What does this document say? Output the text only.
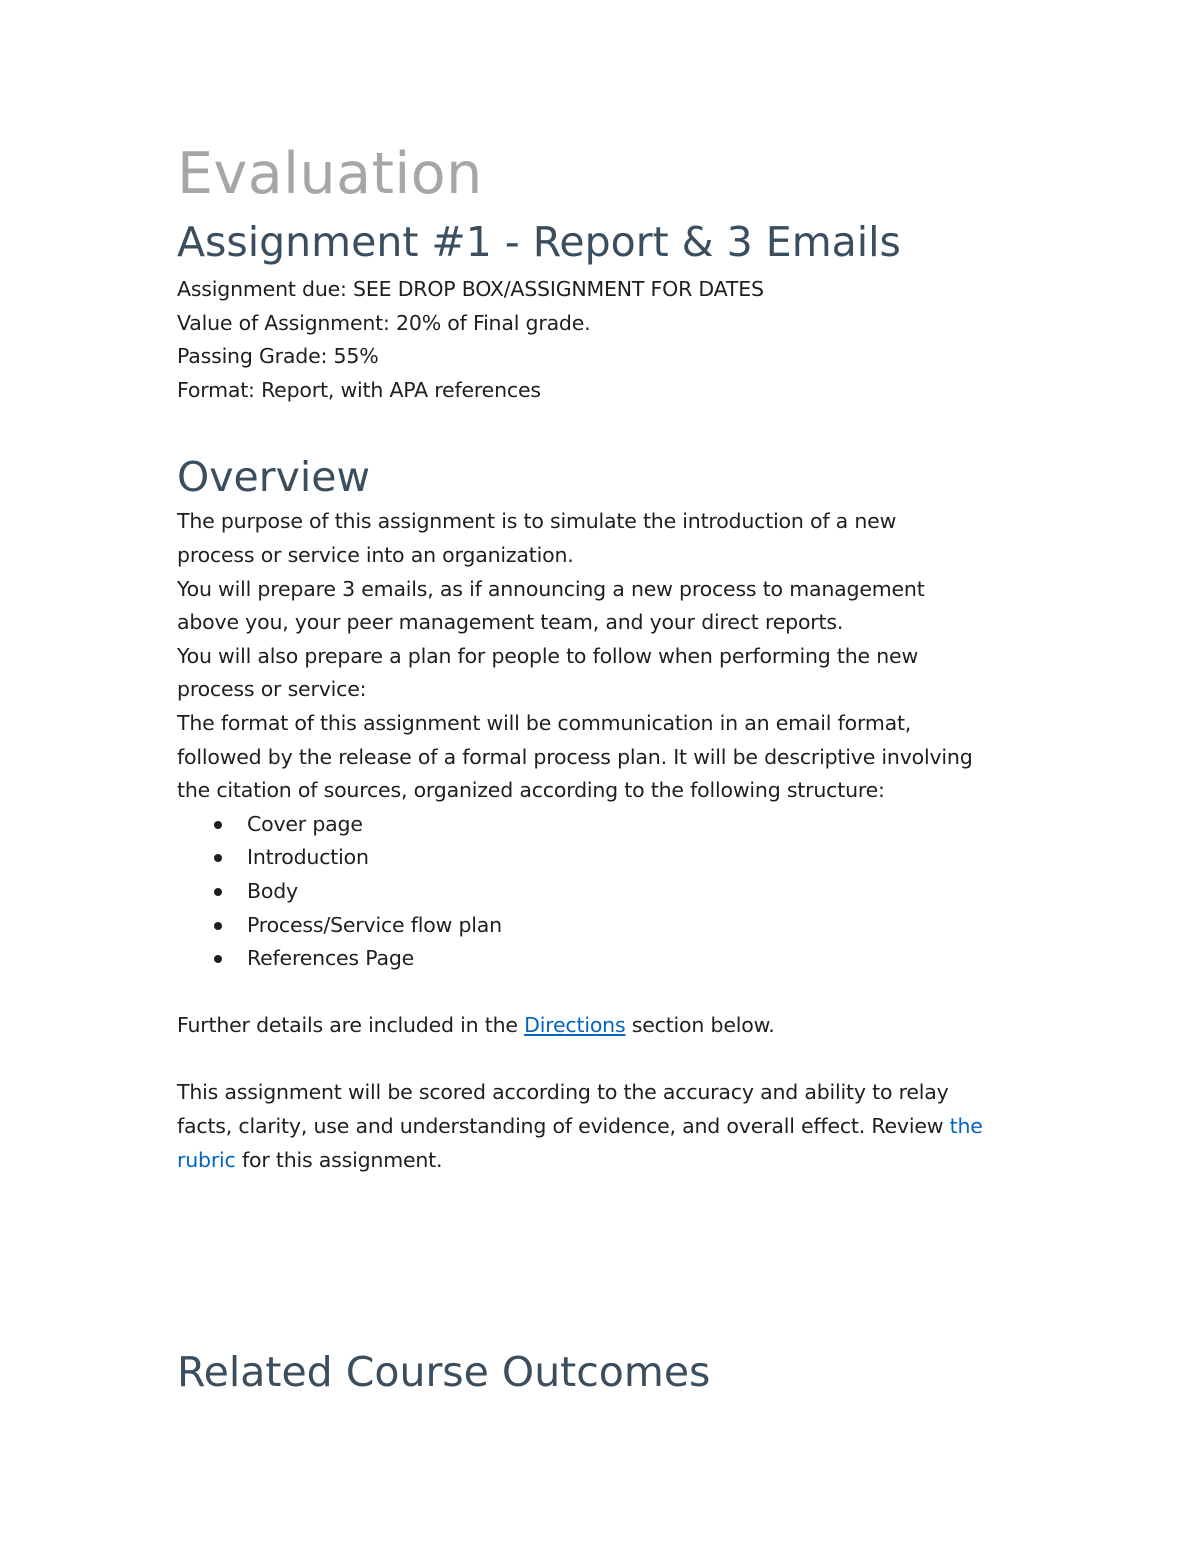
Evaluation
Assignment #1 - Report & 3 Emails

Assignment due: SEE DROP BOX/ASSIGNMENT FOR DATES

Value of Assignment: 20% of Final grade.

Passing Grade: 55%

Format: Report, with APA references

Overview

The purpose of this assignment is to simulate the introduction of a new

process or service into an organization.

You will prepare 3 emails, as if announcing a new process to management

above you, your peer management team, and your direct reports.

You will also prepare a plan for people to follow when performing the new

process or service:

The format of this assignment will be communication in an email format,

followed by the release of a formal process plan. It will be descriptive involving

the citation of sources, organized according to the following structure:

Cover page
Introduction
Body
Process/Service flow plan
References Page

Further details are included in the Directions section below.

This assignment will be scored according to the accuracy and ability to relay

facts, clarity, use and understanding of evidence, and overall effect. Review the

rubric for this assignment.

Related Course Outcomes
